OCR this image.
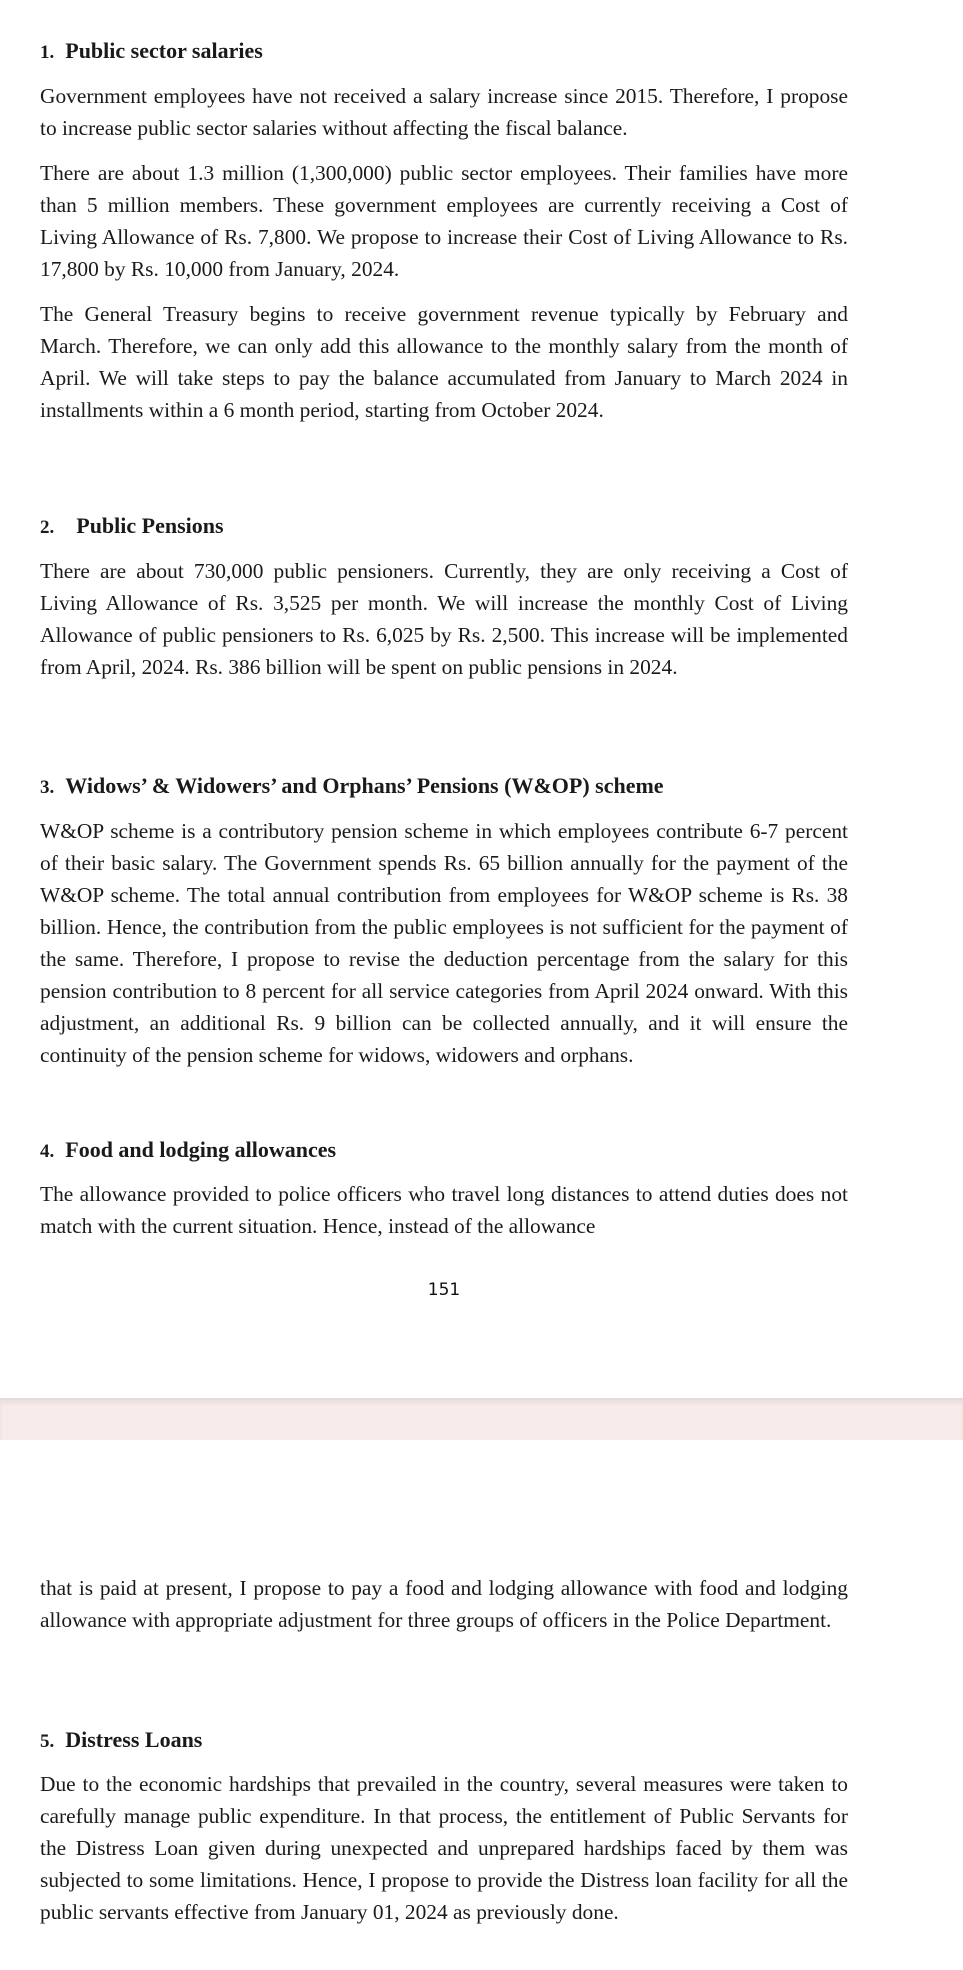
1. Public sector salaries

Government employees have not received a salary increase since 2015. Therefore, I propose to increase public sector salaries without affecting the fiscal balance.

There are about 1.3 million (1,300,000) public sector employees. Their families have more than 5 million members. These government employees are currently receiving a Cost of Living Allowance of Rs. 7,800. We propose to increase their Cost of Living Allowance to Rs. 17,800 by Rs. 10,000 from January, 2024.

The General Treasury begins to receive government revenue typically by February and March. Therefore, we can only add this allowance to the monthly salary from the month of April. We will take steps to pay the balance accumulated from January to March 2024 in installments within a 6 month period, starting from October 2024.

2. Public Pensions

There are about 730,000 public pensioners. Currently, they are only receiving a Cost of Living Allowance of Rs. 3,525 per month. We will increase the monthly Cost of Living Allowance of public pensioners to Rs. 6,025 by Rs. 2,500. This increase will be implemented from April, 2024. Rs. 386 billion will be spent on public pensions in 2024.

3. Widows’ & Widowers’ and Orphans’ Pensions (W&OP) scheme

W&OP scheme is a contributory pension scheme in which employees contribute 6-7 percent of their basic salary. The Government spends Rs. 65 billion annually for the payment of the W&OP scheme. The total annual contribution from employees for W&OP scheme is Rs. 38 billion. Hence, the contribution from the public employees is not sufficient for the payment of the same. Therefore, I propose to revise the deduction percentage from the salary for this pension contribution to 8 percent for all service categories from April 2024 onward. With this adjustment, an additional Rs. 9 billion can be collected annually, and it will ensure the continuity of the pension scheme for widows, widowers and orphans.

4. Food and lodging allowances

The allowance provided to police officers who travel long distances to attend duties does not match with the current situation. Hence, instead of the allowance

151

that is paid at present, I propose to pay a food and lodging allowance with food and lodging allowance with appropriate adjustment for three groups of officers in the Police Department.

5. Distress Loans

Due to the economic hardships that prevailed in the country, several measures were taken to carefully manage public expenditure. In that process, the entitlement of Public Servants for the Distress Loan given during unexpected and unprepared hardships faced by them was subjected to some limitations. Hence, I propose to provide the Distress loan facility for all the public servants effective from January 01, 2024 as previously done.
